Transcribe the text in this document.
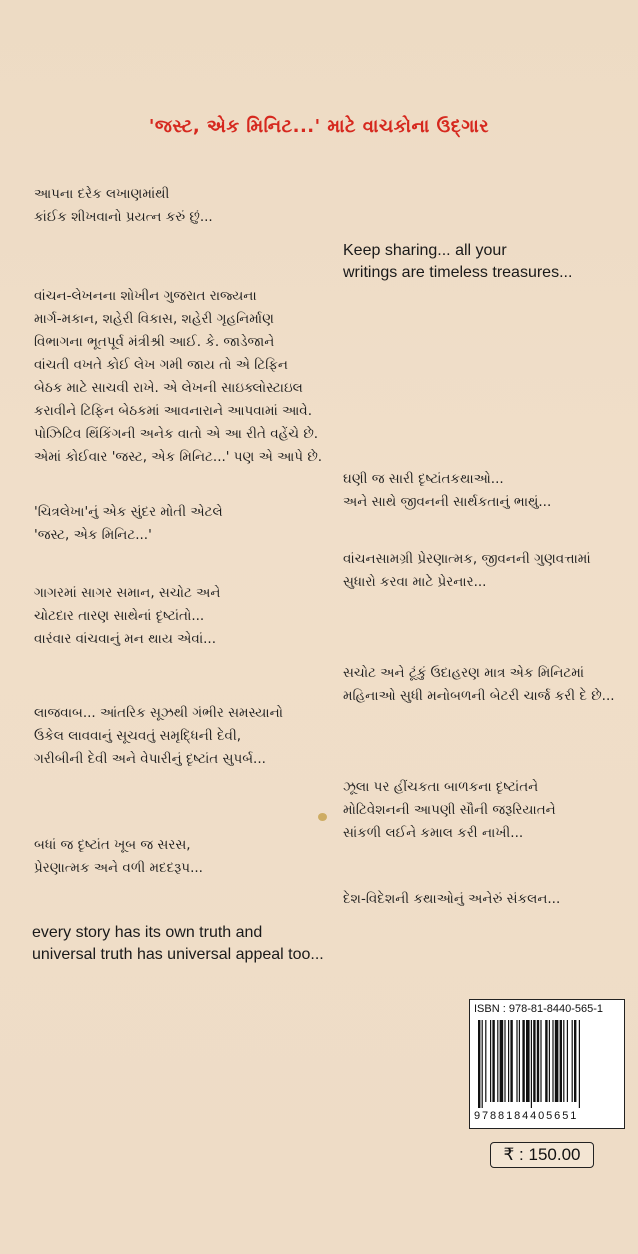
'જસ્ટ, એક મિનિટ...' માટે વાચકોના ઉદ્‌ગાર
આપના દરેક લખાણમાંથી
કાંઈક શીખવાનો પ્રયત્ન કરું છું...
વાંચન-લેખનના શોખીન ગુજરાત રાજ્યના
માર્ગ-મકાન, શહેરી વિકાસ, શહેરી ગૃહનિર્માણ
વિભાગના ભૂતપૂર્વ મંત્રીશ્રી આઈ. કે. જાડેજાને
વાંચતી વખતે કોઈ લેખ ગમી જાય તો એ ટિફિન
બેઠક માટે સાચવી રાખે. એ લેખની સાઇક્લોસ્ટાઇલ
કરાવીને ટિફિન બેઠકમાં આવનારાને આપવામાં આવે.
પોઝિટિવ થિંકિંગની અનેક વાતો એ આ રીતે વહેંચે છે.
એમાં કોઈવાર 'જસ્ટ, એક મિનિટ...' પણ એ આપે છે.
'ચિત્રલેખા'નું એક સુંદર મોતી એટલે
'જસ્ટ, એક મિનિટ...'
ગાગરમાં સાગર સમાન, સચોટ અને
ચોટદાર તારણ સાથેનાં દૃષ્ટાંતો...
વારંવાર વાંચવાનું મન થાય એવાં...
લાજવાબ... આંતરિક સૂઝથી ગંભીર સમસ્યાનો
ઉકેલ લાવવાનું સૂચવતું સમૃદ્ધિની દેવી,
ગરીબીની દેવી અને વેપારીનું દૃષ્ટાંત સુપર્બ...
બધાં જ દૃષ્ટાંત ખૂબ જ સરસ,
પ્રેરણાત્મક અને વળી મદદરૂપ...
Keep sharing... all your
writings are timeless treasures...
ઘણી જ સારી દૃષ્ટાંતકથાઓ...
અને સાથે જીવનની સાર્થકતાનું ભાથું...
વાંચનસામગ્રી પ્રેરણાત્મક, જીવનની ગુણવત્તામાં
સુધારો કરવા માટે પ્રેરનાર...
સચોટ અને ટૂંકું ઉદાહરણ માત્ર એક મિનિટમાં
મહિનાઓ સુધી મનોબળની બેટરી ચાર્જ કરી દે છે...
ઝૂલા પર હીંચકતા બાળકના દૃષ્ટાંતને
મોટિવેશનની આપણી સૌની જરૂરિયાતને
સાંકળી લઈને કમાલ કરી નાખી...
દેશ-વિદેશની કથાઓનું અનેરું સંકલન...
every story has its own truth and
universal truth has universal appeal too...
ISBN : 978-81-8440-565-1
9788184405651
₹ : 150.00
